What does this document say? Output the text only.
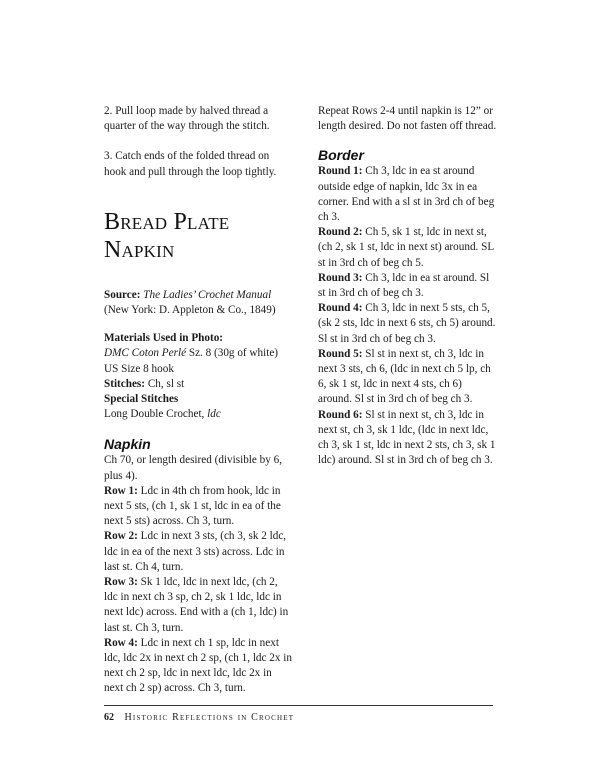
2. Pull loop made by halved thread a quarter of the way through the stitch.

3. Catch ends of the folded thread on hook and pull through the loop tightly.

Bread Plate Napkin

Source: The Ladies’ Crochet Manual
(New York: D. Appleton & Co., 1849)

Materials Used in Photo:
DMC Coton Perlé Sz. 8 (30g of white)
US Size 8 hook
Stitches: Ch, sl st
Special Stitches
Long Double Crochet, ldc

Napkin

Ch 70, or length desired (divisible by 6, plus 4).

Row 1: Ldc in 4th ch from hook, ldc in next 5 sts, (ch 1, sk 1 st, ldc in ea of the next 5 sts) across. Ch 3, turn.

Row 2: Ldc in next 3 sts, (ch 3, sk 2 ldc, ldc in ea of the next 3 sts) across. Ldc in last st. Ch 4, turn.

Row 3: Sk 1 ldc, ldc in next ldc, (ch 2, ldc in next ch 3 sp, ch 2, sk 1 ldc, ldc in next ldc) across. End with a (ch 1, ldc) in last st. Ch 3, turn.

Row 4: Ldc in next ch 1 sp, ldc in next ldc, ldc 2x in next ch 2 sp, (ch 1, ldc 2x in next ch 2 sp, ldc in next ldc, ldc 2x in next ch 2 sp) across. Ch 3, turn.

Repeat Rows 2-4 until napkin is 12” or length desired. Do not fasten off thread.

Border

Round 1: Ch 3, ldc in ea st around outside edge of napkin, ldc 3x in ea corner. End with a sl st in 3rd ch of beg ch 3.

Round 2: Ch 5, sk 1 st, ldc in next st, (ch 2, sk 1 st, ldc in next st) around. SL st in 3rd ch of beg ch 5.

Round 3: Ch 3, ldc in ea st around. Sl st in 3rd ch of beg ch 3.

Round 4: Ch 3, ldc in next 5 sts, ch 5, (sk 2 sts, ldc in next 6 sts, ch 5) around. Sl st in 3rd ch of beg ch 3.

Round 5: Sl st in next st, ch 3, ldc in next 3 sts, ch 6, (ldc in next ch 5 lp, ch 6, sk 1 st, ldc in next 4 sts, ch 6) around. Sl st in 3rd ch of beg ch 3.

Round 6: Sl st in next st, ch 3, ldc in next st, ch 3, sk 1 ldc, (ldc in next ldc, ch 3, sk 1 st, ldc in next 2 sts, ch 3, sk 1 ldc) around. Sl st in 3rd ch of beg ch 3.

62 Historic Reflections in Crochet
